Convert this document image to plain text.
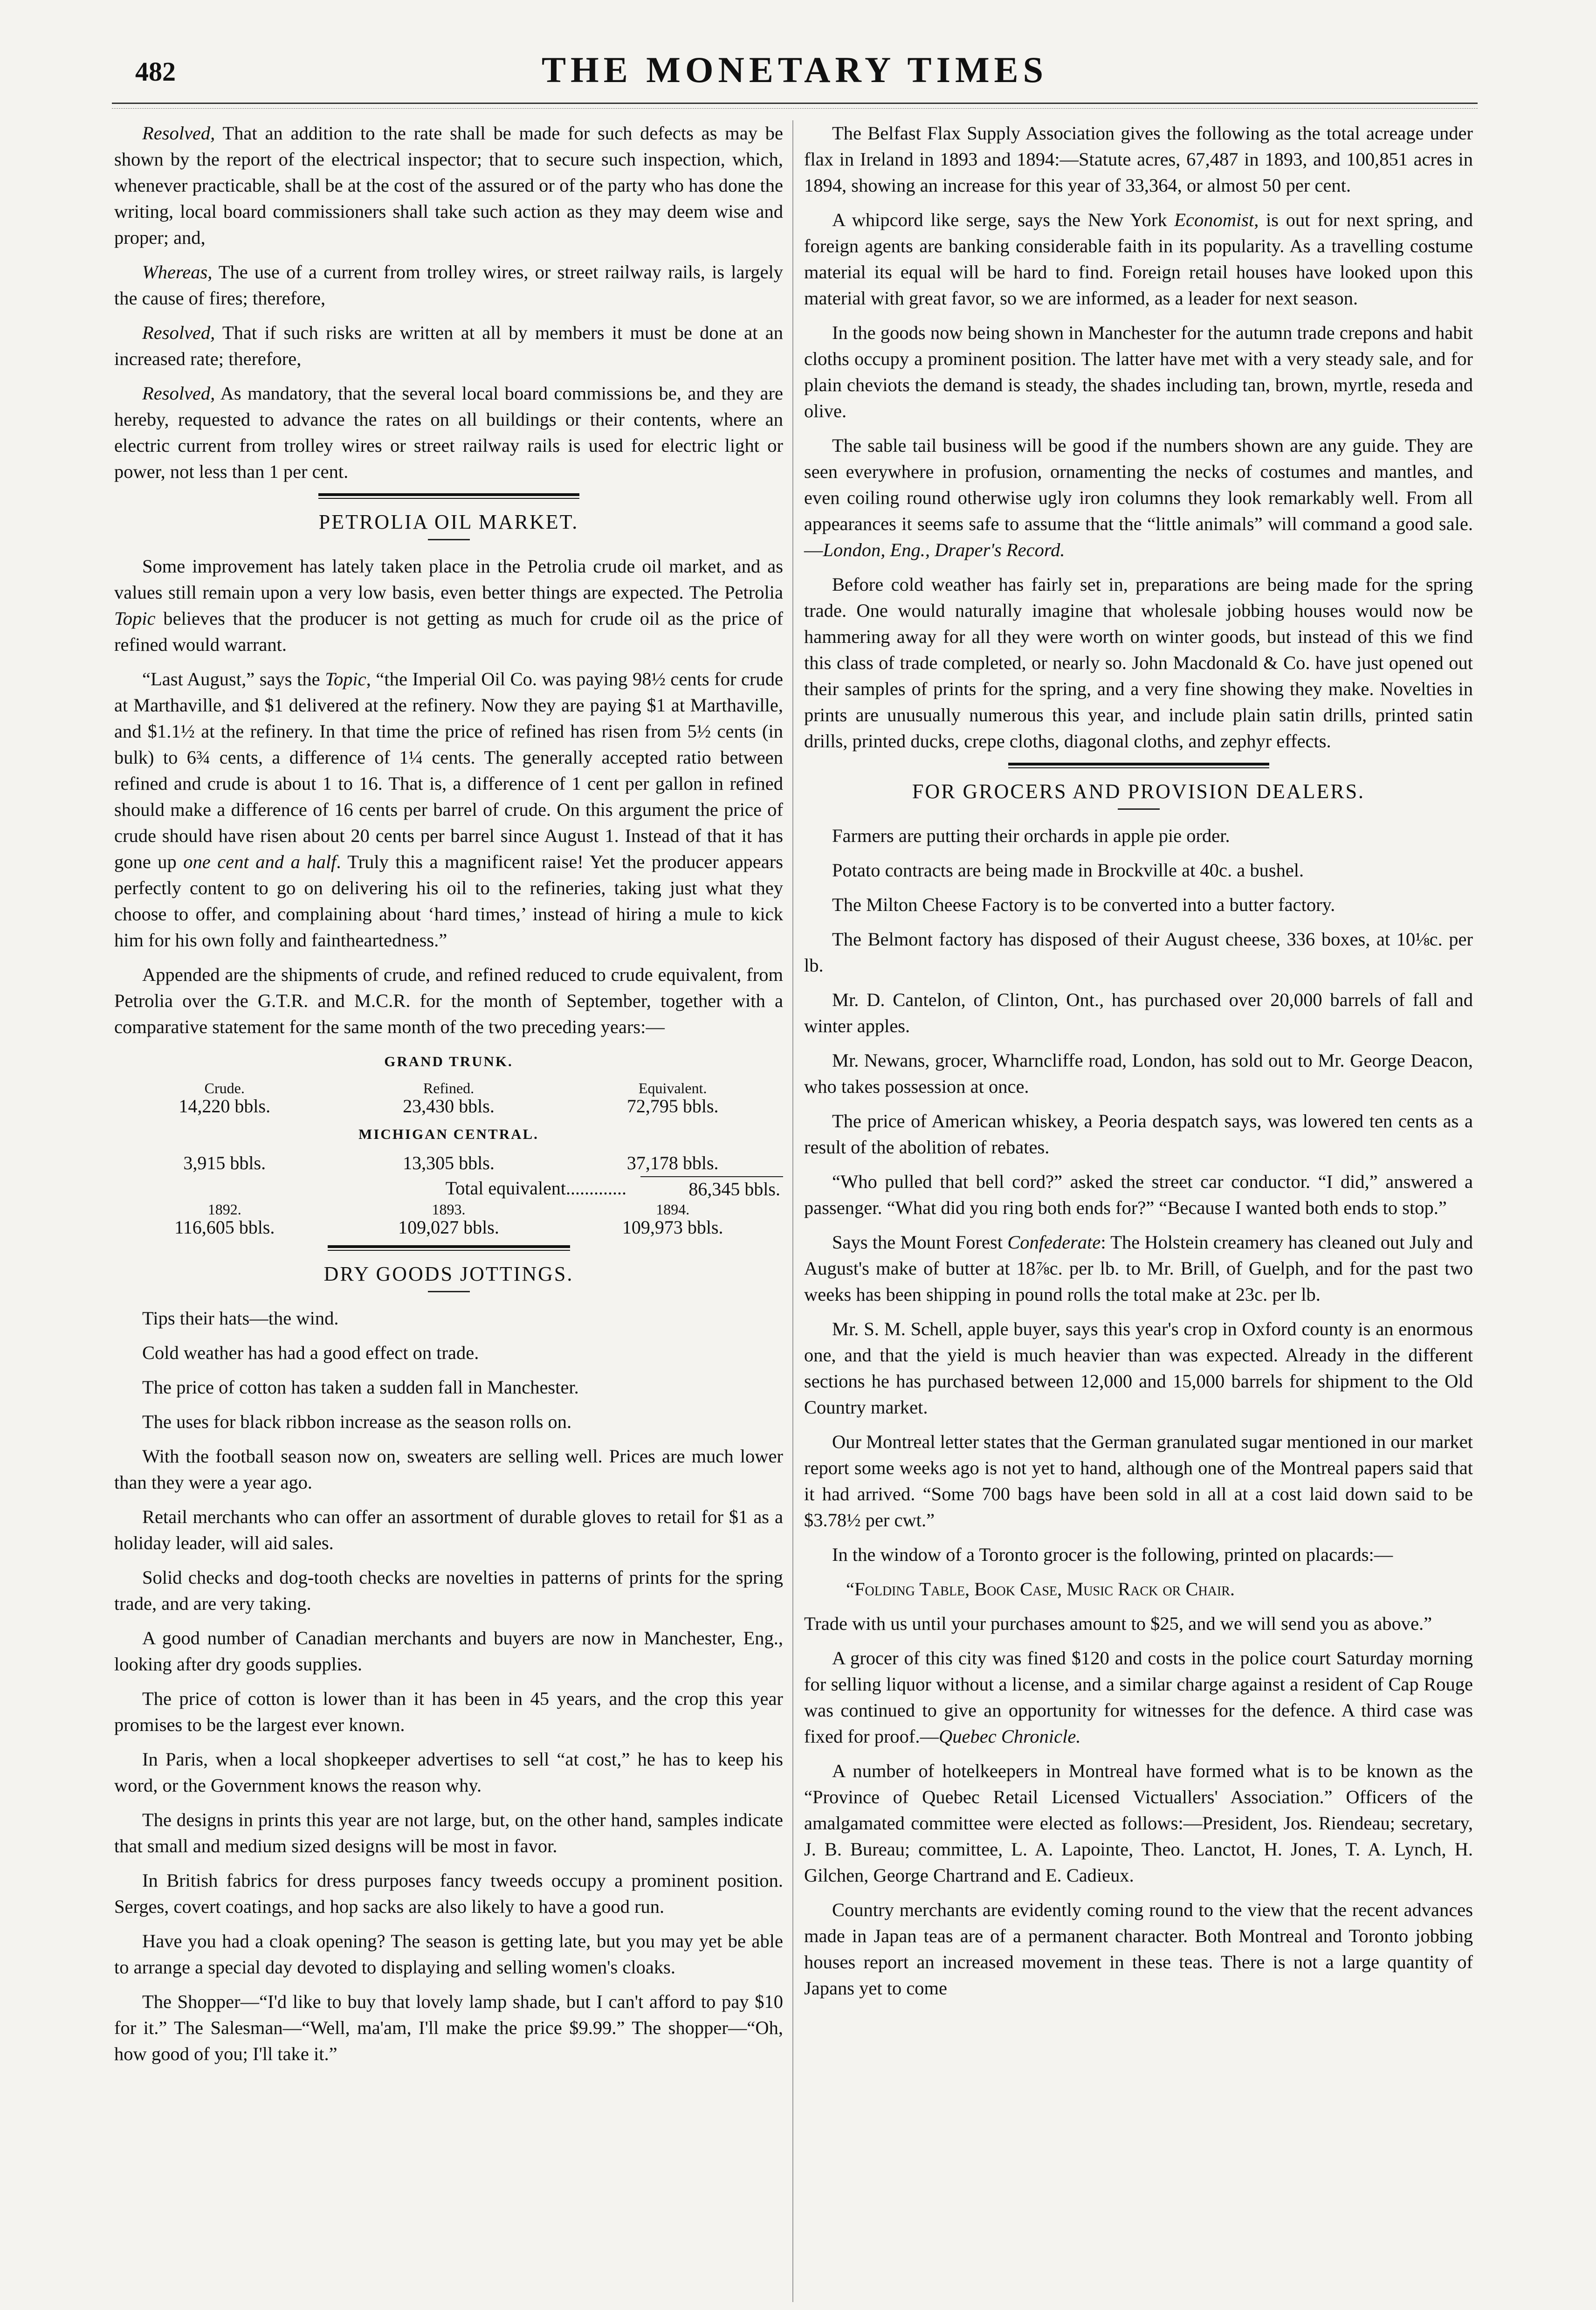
482	THE MONETARY TIMES

Resolved, That an addition to the rate shall be made for such defects as may be shown by the report of the electrical inspector; that to secure such inspection, which, whenever practicable, shall be at the cost of the assured or of the party who has done the writing, local board commissioners shall take such action as they may deem wise and proper; and,

Whereas, The use of a current from trolley wires, or street railway rails, is largely the cause of fires; therefore,

Resolved, That if such risks are written at all by members it must be done at an increased rate; therefore,

Resolved, As mandatory, that the several local board commissions be, and they are hereby, requested to advance the rates on all buildings or their contents, where an electric current from trolley wires or street railway rails is used for electric light or power, not less than 1 per cent.

PETROLIA OIL MARKET.

Some improvement has lately taken place in the Petrolia crude oil market, and as values still remain upon a very low basis, even better things are expected. The Petrolia Topic believes that the producer is not getting as much for crude oil as the price of refined would warrant.

“Last August,” says the Topic, “the Imperial Oil Co. was paying 98½ cents for crude at Marthaville, and $1 delivered at the refinery. Now they are paying $1 at Marthaville, and $1.1½ at the refinery. In that time the price of refined has risen from 5½ cents (in bulk) to 6¾ cents, a difference of 1¼ cents. The generally accepted ratio between refined and crude is about 1 to 16. That is, a difference of 1 cent per gallon in refined should make a difference of 16 cents per barrel of crude. On this argument the price of crude should have risen about 20 cents per barrel since August 1. Instead of that it has gone up one cent and a half. Truly this a magnificent raise! Yet the producer appears perfectly content to go on delivering his oil to the refineries, taking just what they choose to offer, and complaining about ‘hard times,’ instead of hiring a mule to kick him for his own folly and faintheartedness.”

Appended are the shipments of crude, and refined reduced to crude equivalent, from Petrolia over the G.T.R. and M.C.R. for the month of September, together with a comparative statement for the same month of the two preceding years:—

GRAND TRUNK.
Crude.	Refined.	Equivalent.
14,220 bbls.	23,430 bbls.	72,795 bbls.
MICHIGAN CENTRAL.
3,915 bbls.	13,305 bbls.	37,178 bbls.
Total equivalent.............	86,345 bbls.
1892.	1893.	1894.
116,605 bbls.	109,027 bbls.	109,973 bbls.
DRY GOODS JOTTINGS.

Tips their hats—the wind.

Cold weather has had a good effect on trade.

The price of cotton has taken a sudden fall in Manchester.

The uses for black ribbon increase as the season rolls on.

With the football season now on, sweaters are selling well. Prices are much lower than they were a year ago.

Retail merchants who can offer an assortment of durable gloves to retail for $1 as a holiday leader, will aid sales.

Solid checks and dog-tooth checks are novelties in patterns of prints for the spring trade, and are very taking.

A good number of Canadian merchants and buyers are now in Manchester, Eng., looking after dry goods supplies.

The price of cotton is lower than it has been in 45 years, and the crop this year promises to be the largest ever known.

In Paris, when a local shopkeeper advertises to sell “at cost,” he has to keep his word, or the Government knows the reason why.

The designs in prints this year are not large, but, on the other hand, samples indicate that small and medium sized designs will be most in favor.

In British fabrics for dress purposes fancy tweeds occupy a prominent position. Serges, covert coatings, and hop sacks are also likely to have a good run.

Have you had a cloak opening? The season is getting late, but you may yet be able to arrange a special day devoted to displaying and selling women's cloaks.

The Shopper—“I'd like to buy that lovely lamp shade, but I can't afford to pay $10 for it.” The Salesman—“Well, ma'am, I'll make the price $9.99.” The shopper—“Oh, how good of you; I'll take it.”

The Belfast Flax Supply Association gives the following as the total acreage under flax in Ireland in 1893 and 1894:—Statute acres, 67,487 in 1893, and 100,851 acres in 1894, showing an increase for this year of 33,364, or almost 50 per cent.

A whipcord like serge, says the New York Economist, is out for next spring, and foreign agents are banking considerable faith in its popularity. As a travelling costume material its equal will be hard to find. Foreign retail houses have looked upon this material with great favor, so we are informed, as a leader for next season.

In the goods now being shown in Manchester for the autumn trade crepons and habit cloths occupy a prominent position. The latter have met with a very steady sale, and for plain cheviots the demand is steady, the shades including tan, brown, myrtle, reseda and olive.

The sable tail business will be good if the numbers shown are any guide. They are seen everywhere in profusion, ornamenting the necks of costumes and mantles, and even coiling round otherwise ugly iron columns they look remarkably well. From all appearances it seems safe to assume that the “little animals” will command a good sale.—London, Eng., Draper's Record.

Before cold weather has fairly set in, preparations are being made for the spring trade. One would naturally imagine that wholesale jobbing houses would now be hammering away for all they were worth on winter goods, but instead of this we find this class of trade completed, or nearly so. John Macdonald & Co. have just opened out their samples of prints for the spring, and a very fine showing they make. Novelties in prints are unusually numerous this year, and include plain satin drills, printed satin drills, printed ducks, crepe cloths, diagonal cloths, and zephyr effects.

FOR GROCERS AND PROVISION DEALERS.

Farmers are putting their orchards in apple pie order.

Potato contracts are being made in Brockville at 40c. a bushel.

The Milton Cheese Factory is to be converted into a butter factory.

The Belmont factory has disposed of their August cheese, 336 boxes, at 10⅛c. per lb.

Mr. D. Cantelon, of Clinton, Ont., has purchased over 20,000 barrels of fall and winter apples.

Mr. Newans, grocer, Wharncliffe road, London, has sold out to Mr. George Deacon, who takes possession at once.

The price of American whiskey, a Peoria despatch says, was lowered ten cents as a result of the abolition of rebates.

“Who pulled that bell cord?” asked the street car conductor. “I did,” answered a passenger. “What did you ring both ends for?” “Because I wanted both ends to stop.”

Says the Mount Forest Confederate: The Holstein creamery has cleaned out July and August's make of butter at 18⅞c. per lb. to Mr. Brill, of Guelph, and for the past two weeks has been shipping in pound rolls the total make at 23c. per lb.

Mr. S. M. Schell, apple buyer, says this year's crop in Oxford county is an enormous one, and that the yield is much heavier than was expected. Already in the different sections he has purchased between 12,000 and 15,000 barrels for shipment to the Old Country market.

Our Montreal letter states that the German granulated sugar mentioned in our market report some weeks ago is not yet to hand, although one of the Montreal papers said that it had arrived. “Some 700 bags have been sold in all at a cost laid down said to be $3.78½ per cwt.”

In the window of a Toronto grocer is the following, printed on placards:—

“Folding Table, Book Case, Music Rack or Chair.

Trade with us until your purchases amount to $25, and we will send you as above.”

A grocer of this city was fined $120 and costs in the police court Saturday morning for selling liquor without a license, and a similar charge against a resident of Cap Rouge was continued to give an opportunity for witnesses for the defence. A third case was fixed for proof.—Quebec Chronicle.

A number of hotelkeepers in Montreal have formed what is to be known as the “Province of Quebec Retail Licensed Victuallers' Association.” Officers of the amalgamated committee were elected as follows:—President, Jos. Riendeau; secretary, J. B. Bureau; committee, L. A. Lapointe, Theo. Lanctot, H. Jones, T. A. Lynch, H. Gilchen, George Chartrand and E. Cadieux.

Country merchants are evidently coming round to the view that the recent advances made in Japan teas are of a permanent character. Both Montreal and Toronto jobbing houses report an increased movement in these teas. There is not a large quantity of Japans yet to come
